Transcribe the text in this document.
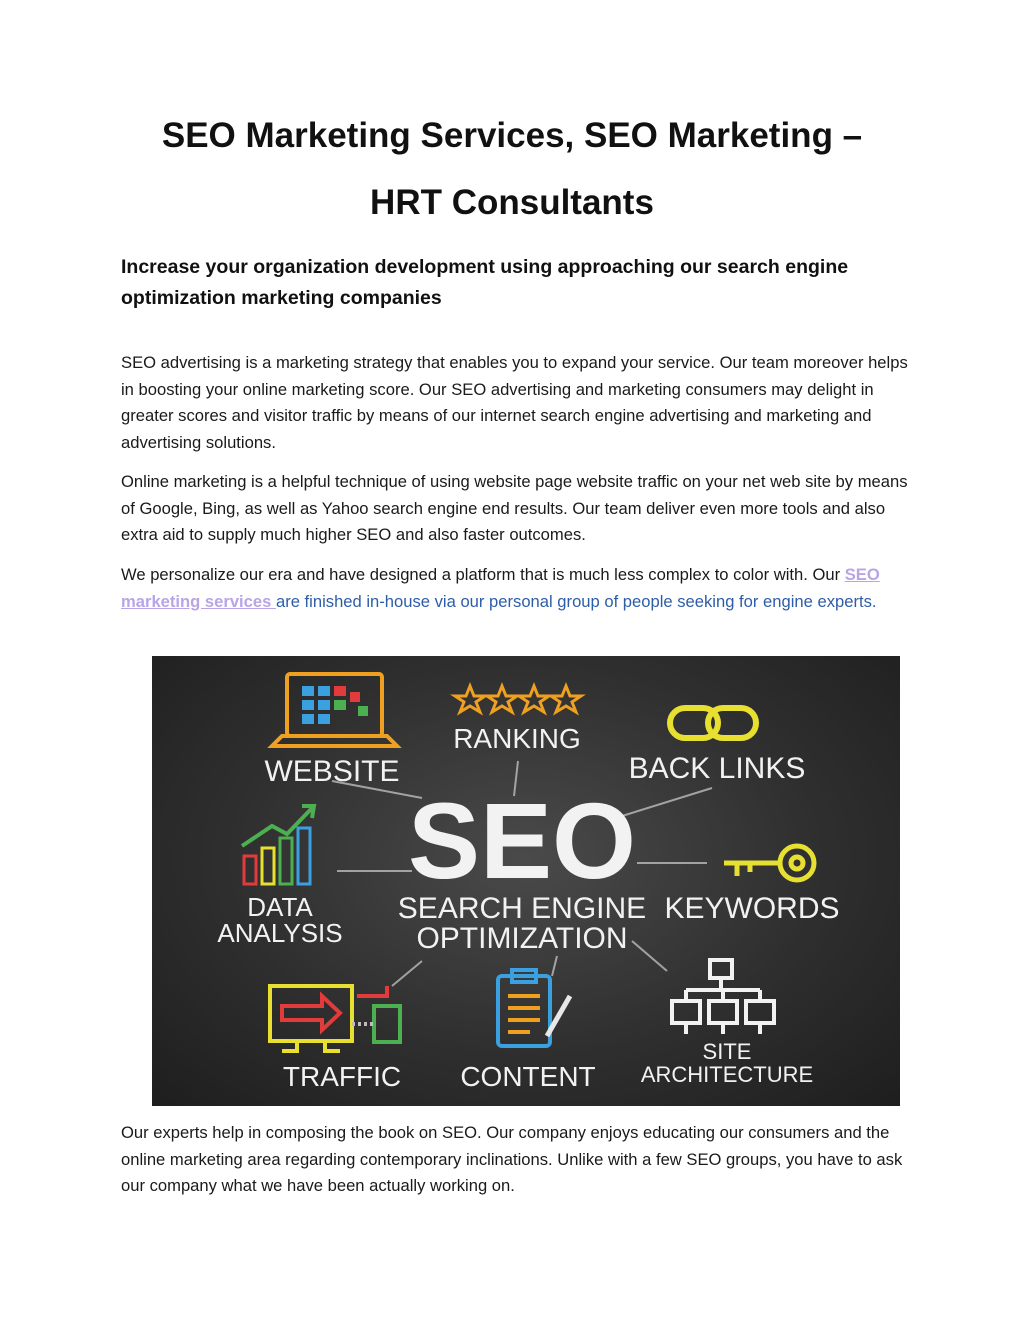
SEO Marketing Services, SEO Marketing –
HRT Consultants
Increase your organization development using approaching our search engine optimization marketing companies
SEO advertising is a marketing strategy that enables you to expand your service. Our team moreover helps in boosting your online marketing score. Our SEO advertising and marketing consumers may delight in greater scores and visitor traffic by means of our internet search engine advertising and marketing and advertising solutions.
Online marketing is a helpful technique of using website page website traffic on your net web site by means of Google, Bing, as well as Yahoo search engine end results. Our team deliver even more tools and also extra aid to supply much higher SEO and also faster outcomes.
We personalize our era and have designed a platform that is much less complex to color with. Our SEO marketing services are finished in-house via our personal group of people seeking for engine experts.
WEBSITE
RANKING
BACK LINKS
SEO
SEARCH ENGINE
OPTIMIZATION
DATA
ANALYSIS
KEYWORDS
TRAFFIC CONTENT
SITE
ARCHITECTURE
Our experts help in composing the book on SEO. Our company enjoys educating our consumers and the online marketing area regarding contemporary inclinations. Unlike with a few SEO groups, you have to ask our company what we have been actually working on.
